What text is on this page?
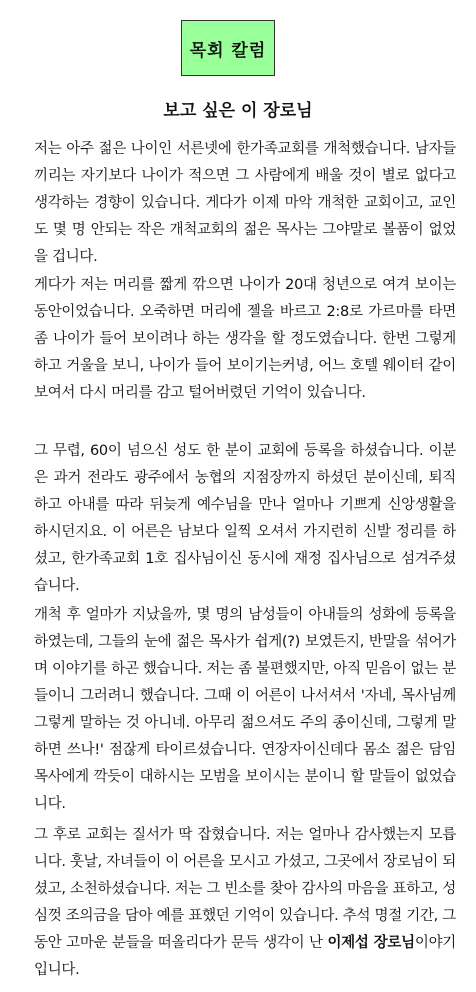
목회 칼럼
보고 싶은 이 장로님
저는 아주 젊은 나이인 서른넷에 한가족교회를 개척했습니다. 남자들끼리는 자기보다 나이가 적으면 그 사람에게 배울 것이 별로 없다고 생각하는 경향이 있습니다. 게다가 이제 마악 개척한 교회이고, 교인도 몇 명 안되는 작은 개척교회의 젊은 목사는 그야말로 볼품이 없었을 겁니다.
게다가 저는 머리를 짧게 깎으면 나이가 20대 청년으로 여겨 보이는 동안이었습니다. 오죽하면 머리에 젤을 바르고 2:8로 가르마를 타면 좀 나이가 들어 보이려나 하는 생각을 할 정도였습니다. 한번 그렇게 하고 거울을 보니, 나이가 들어 보이기는커녕, 어느 호텔 웨이터 같이 보여서 다시 머리를 감고 털어버렸던 기억이 있습니다.
그 무렵, 60이 넘으신 성도 한 분이 교회에 등록을 하셨습니다. 이분은 과거 전라도 광주에서 농협의 지점장까지 하셨던 분이신데, 퇴직하고 아내를 따라 뒤늦게 예수님을 만나 얼마나 기쁘게 신앙생활을 하시던지요. 이 어른은 남보다 일찍 오셔서 가지런히 신발 정리를 하셨고, 한가족교회 1호 집사님이신 동시에 재정 집사님으로 섬겨주셨습니다.
개척 후 얼마가 지났을까, 몇 명의 남성들이 아내들의 성화에 등록을 하였는데, 그들의 눈에 젊은 목사가 쉽게(?) 보였든지, 반말을 섞어가며 이야기를 하곤 했습니다. 저는 좀 불편했지만, 아직 믿음이 없는 분들이니 그러려니 했습니다. 그때 이 어른이 나서셔서 '자네, 목사님께 그렇게 말하는 것 아니네. 아무리 젊으셔도 주의 종이신데, 그렇게 말하면 쓰나!' 점잖게 타이르셨습니다. 연장자이신데다 몸소 젊은 담임목사에게 깍듯이 대하시는 모범을 보이시는 분이니 할 말들이 없었습니다.
그 후로 교회는 질서가 딱 잡혔습니다. 저는 얼마나 감사했는지 모릅니다. 훗날, 자녀들이 이 어른을 모시고 가셨고, 그곳에서 장로님이 되셨고, 소천하셨습니다. 저는 그 빈소를 찾아 감사의 마음을 표하고, 성심껏 조의금을 담아 예를 표했던 기억이 있습니다. 추석 명절 기간, 그동안 고마운 분들을 떠올리다가 문득 생각이 난 이제섭 장로님이야기입니다.
